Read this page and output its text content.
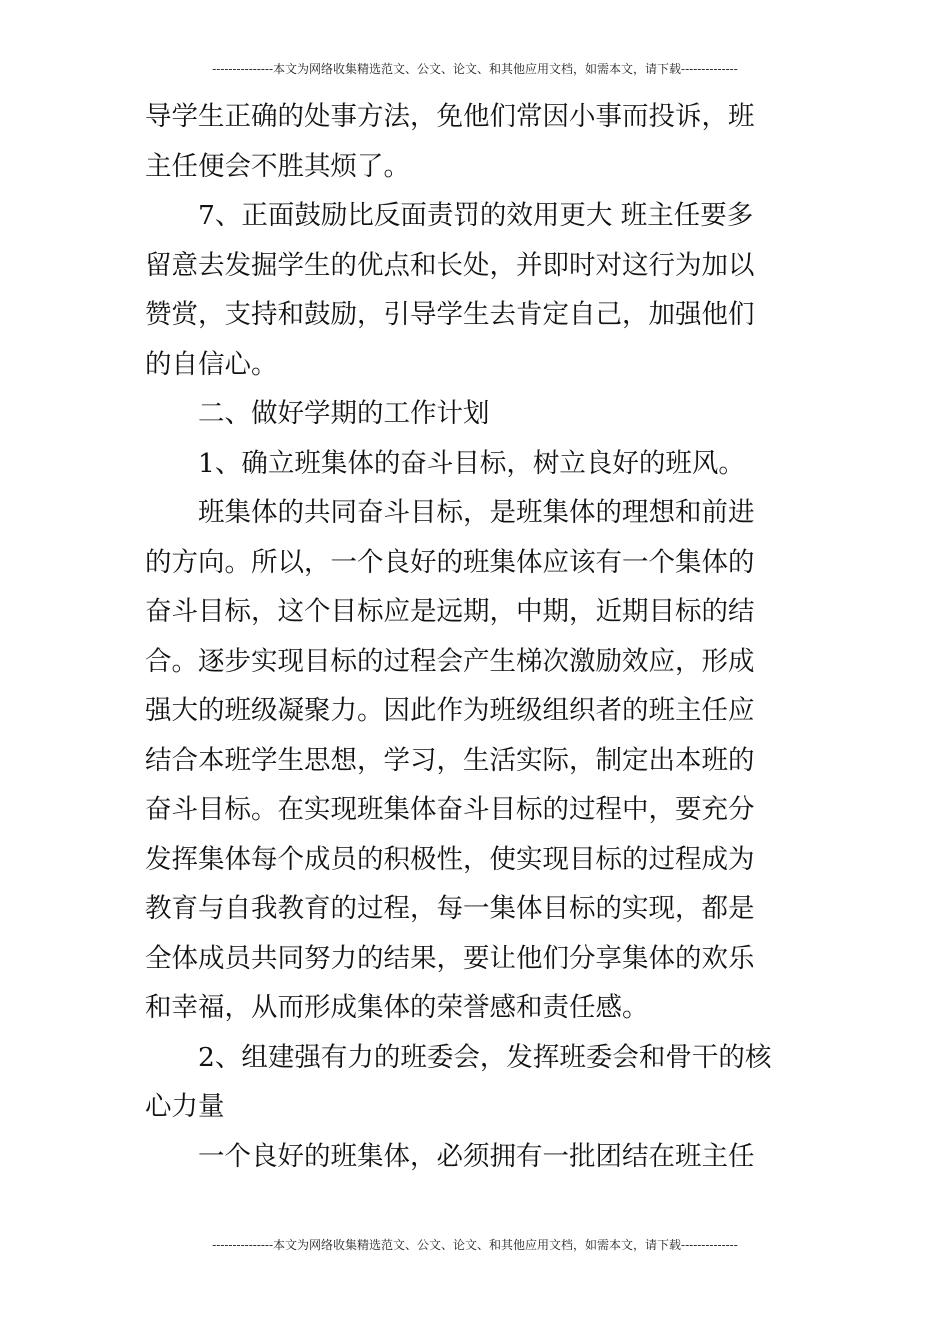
---------------本文为网络收集精选范文、公文、论文、和其他应用文档，如需本文，请下载--------------
导学生正确的处事方法，免他们常因小事而投诉，班
主任便会不胜其烦了。
7、正面鼓励比反面责罚的效用更大 班主任要多
留意去发掘学生的优点和长处，并即时对这行为加以
赞赏，支持和鼓励，引导学生去肯定自己，加强他们
的自信心。
二、做好学期的工作计划
1、确立班集体的奋斗目标，树立良好的班风。
班集体的共同奋斗目标，是班集体的理想和前进
的方向。所以，一个良好的班集体应该有一个集体的
奋斗目标，这个目标应是远期，中期，近期目标的结
合。逐步实现目标的过程会产生梯次激励效应，形成
强大的班级凝聚力。因此作为班级组织者的班主任应
结合本班学生思想，学习，生活实际，制定出本班的
奋斗目标。在实现班集体奋斗目标的过程中，要充分
发挥集体每个成员的积极性，使实现目标的过程成为
教育与自我教育的过程，每一集体目标的实现，都是
全体成员共同努力的结果，要让他们分享集体的欢乐
和幸福，从而形成集体的荣誉感和责任感。
2、组建强有力的班委会，发挥班委会和骨干的核
心力量
一个良好的班集体，必须拥有一批团结在班主任
---------------本文为网络收集精选范文、公文、论文、和其他应用文档，如需本文，请下载--------------
